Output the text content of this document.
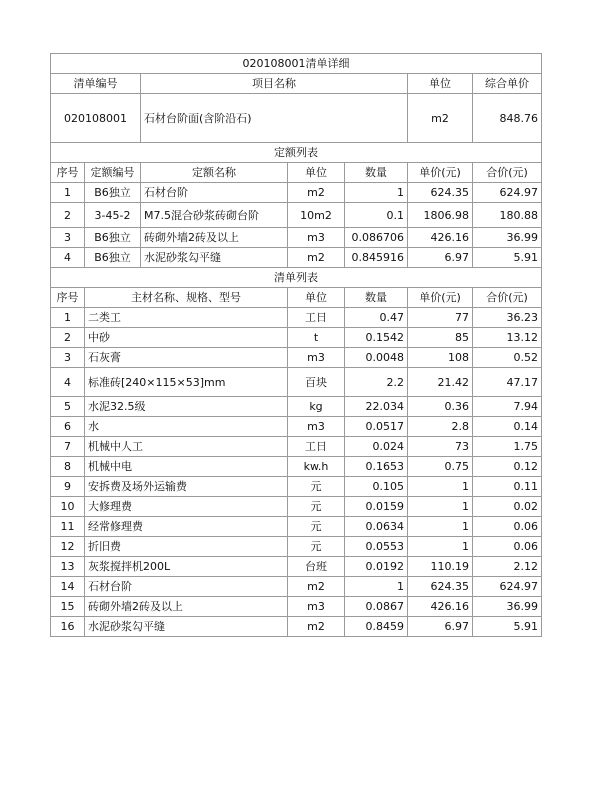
020108001清单详细						
清单编号		项目名称			单位	综合单价
020108001		石材台阶面(含阶沿石)			m2	848.76
定额列表						
序号	定额编号	定额名称	单位	数量	单价(元)	合价(元)
1	B6独立	石材台阶	m2	1	624.35	624.97
2	3-45-2	M7.5混合砂浆砖砌台阶	10m2	0.1	1806.98	180.88
3	B6独立	砖砌外墙2砖及以上	m3	0.086706	426.16	36.99
4	B6独立	水泥砂浆勾平缝	m2	0.845916	6.97	5.91
清单列表						
序号	主材名称、规格、型号		单位	数量	单价(元)	合价(元)
1	二类工		工日	0.47	77	36.23
2	中砂		t	0.1542	85	13.12
3	石灰膏		m3	0.0048	108	0.52
4	标准砖[240×115×53]mm		百块	2.2	21.42	47.17
5	水泥32.5级		kg	22.034	0.36	7.94
6	水		m3	0.0517	2.8	0.14
7	机械中人工		工日	0.024	73	1.75
8	机械中电		kw.h	0.1653	0.75	0.12
9	安拆费及场外运输费		元	0.105	1	0.11
10	大修理费		元	0.0159	1	0.02
11	经常修理费		元	0.0634	1	0.06
12	折旧费		元	0.0553	1	0.06
13	灰浆搅拌机200L		台班	0.0192	110.19	2.12
14	石材台阶		m2	1	624.35	624.97
15	砖砌外墙2砖及以上		m3	0.0867	426.16	36.99
16	水泥砂浆勾平缝		m2	0.8459	6.97	5.91
